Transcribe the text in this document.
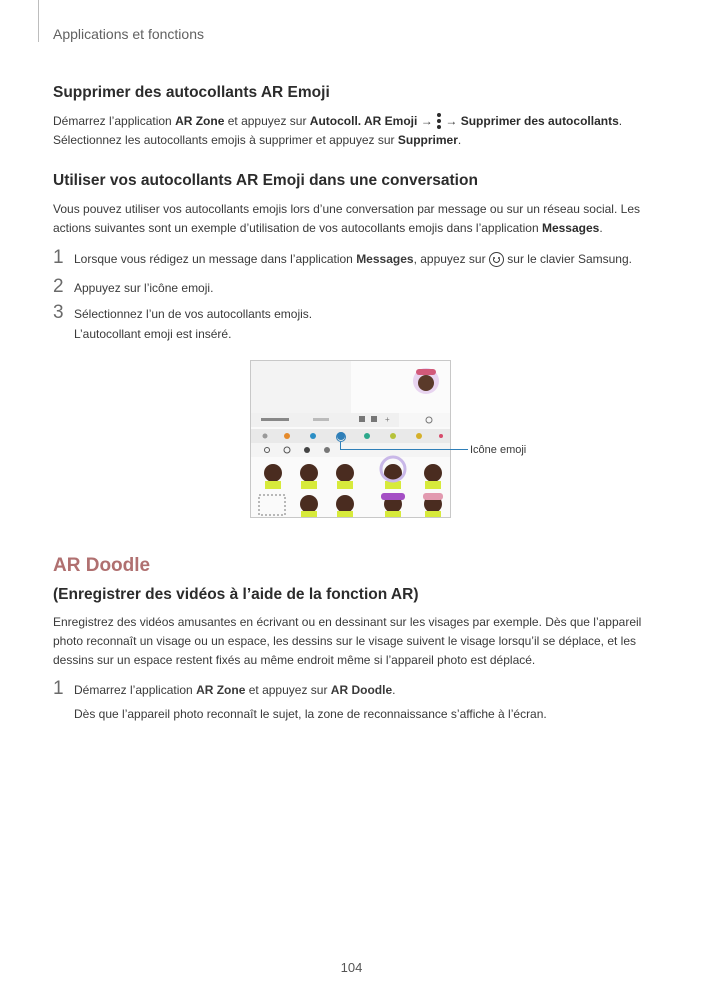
Applications et fonctions
Supprimer des autocollants AR Emoji

Démarrez l’application AR Zone et appuyez sur Autocoll. AR Emoji →
→ Supprimer des autocollants.

Sélectionnez les autocollants emojis à supprimer et appuyez sur Supprimer.

Utiliser vos autocollants AR Emoji dans une conversation

Vous pouvez utiliser vos autocollants emojis lors d’une conversation par message ou sur un réseau social. Les

actions suivantes sont un exemple d’utilisation de vos autocollants emojis dans l’application Messages.

1 Lorsque vous rédigez un message dans l’application Messages, appuyez sur  sur le clavier Samsung.
2 Appuyez sur l’icône emoji.
3 Sélectionnez l’un de vos autocollants emojis.
L’autocollant emoji est inséré.
+
Icône emoji
AR Doodle
(Enregistrer des vidéos à l’aide de la fonction AR)

Enregistrez des vidéos amusantes en écrivant ou en dessinant sur les visages par exemple. Dès que l’appareil

photo reconnaît un visage ou un espace, les dessins sur le visage suivent le visage lorsqu’il se déplace, et les

dessins sur un espace restent fixés au même endroit même si l’appareil photo est déplacé.

1 Démarrez l’application AR Zone et appuyez sur AR Doodle.
Dès que l’appareil photo reconnaît le sujet, la zone de reconnaissance s’affiche à l’écran.
104
